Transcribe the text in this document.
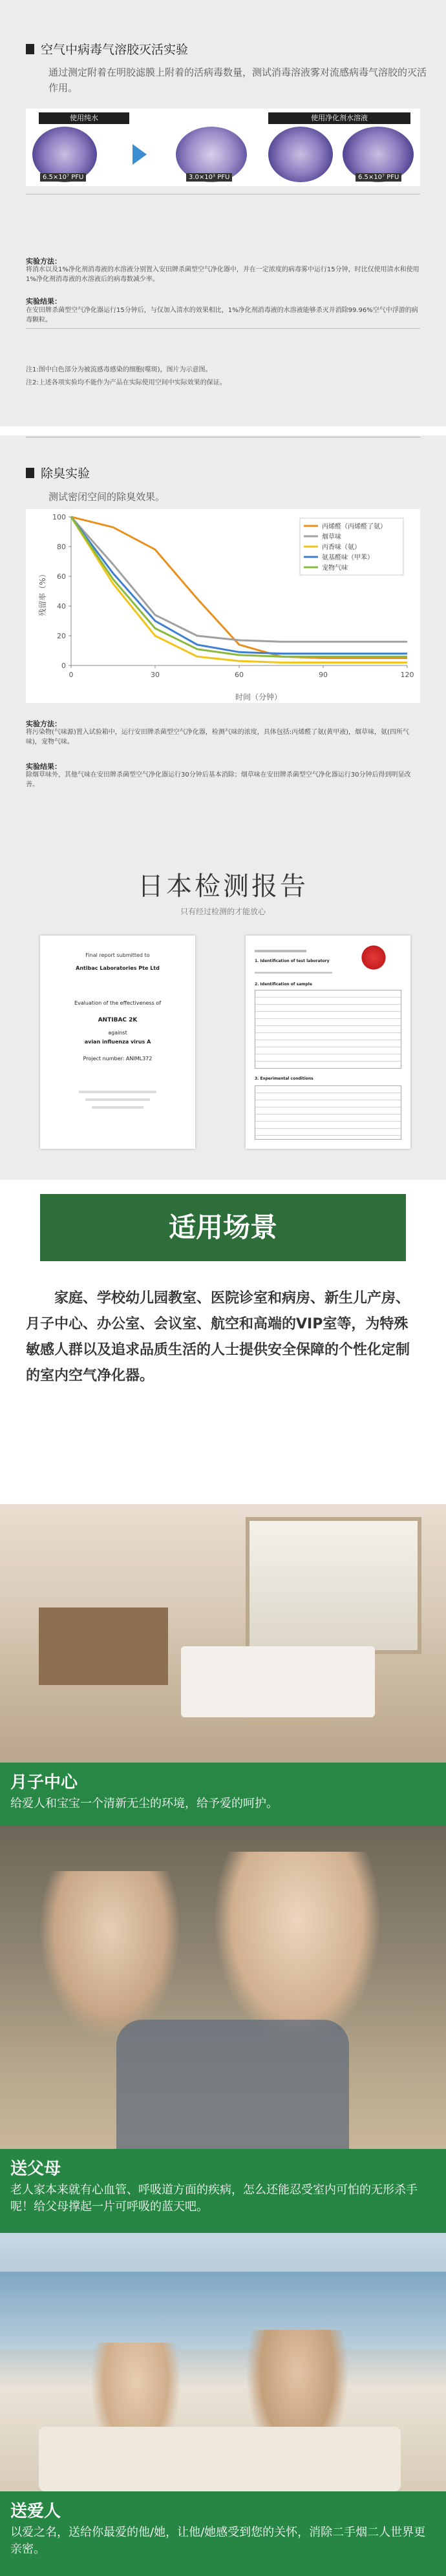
空气中病毒气溶胶灭活实验
通过测定附着在明胶滤膜上附着的活病毒数量，测试消毒溶液雾对流感病毒气溶胶的灭活作用。
使用纯水	使用净化剂水溶液
6.5×10⁷ PFU	3.0×10³ PFU	6.5×10⁷ PFU
实验方法：
将消水以及1%净化剂消毒液的水溶液分别置入安田牌杀菌型空气净化器中，并在一定浓度的病毒雾中运行15分钟，时比仅使用清水和使用1%净化剂消毒液的水溶液后的病毒数减少率。
实验结果：
在安田牌杀菌型空气净化器运行15分钟后，与仅加入清水的效果相比，1%净化剂消毒液的水溶液能够杀灭并消除99.96%空气中浮游的病毒颗粒。
注1:图中白色部分为被流感毒感染的细胞(噬斑)，图片为示意图。
注2:上述各项实验均不能作为产品在实际使用空间中实际效果的保证。
除臭实验
测试密闭空间的除臭效果。
残留率（%）
时间（分钟）
0
20
40
60
80
100
0	30	60	90	120
丙烯醛（丙烯醛了氨）
烟草味
丙香味（氨）
氨基醛味（甲苯）
宠物气味
实验方法：
将污染物(气味源)置入试验箱中，运行安田牌杀菌型空气净化器，检测气味的浓度，具体包括:丙烯醛了氨(黄甲液)，烟草味，氨(四所气味)，宠物气味。
实验结果：
除烟草味外，其他气味在安田牌杀菌型空气净化器运行30分钟后基本消除；烟草味在安田牌杀菌型空气净化器运行30分钟后得到明显改善。
日本检测报告
只有经过检测的才能放心
Final report submitted to
Antibac Laboratories Pte Ltd
Evaluation of the effectiveness of
ANTIBAC 2K
against
avian influenza virus A
Project number: ANIML372
1. Identification of test laboratory
2. Identification of sample
3. Experimental conditions
适用场景
家庭、学校幼儿园教室、医院诊室和病房、新生儿产房、月子中心、办公室、会议室、航空和高端的VIP室等，为特殊敏感人群以及追求品质生活的人士提供安全保障的个性化定制的室内空气净化器。
月子中心
给爱人和宝宝一个清新无尘的环境，给予爱的呵护。
送父母
老人家本来就有心血管、呼吸道方面的疾病，怎么还能忍受室内可怕的无形杀手呢！给父母撑起一片可呼吸的蓝天吧。
送爱人
以爱之名，送给你最爱的他/她，让他/她感受到您的关怀，消除二手烟二人世界更亲密。
